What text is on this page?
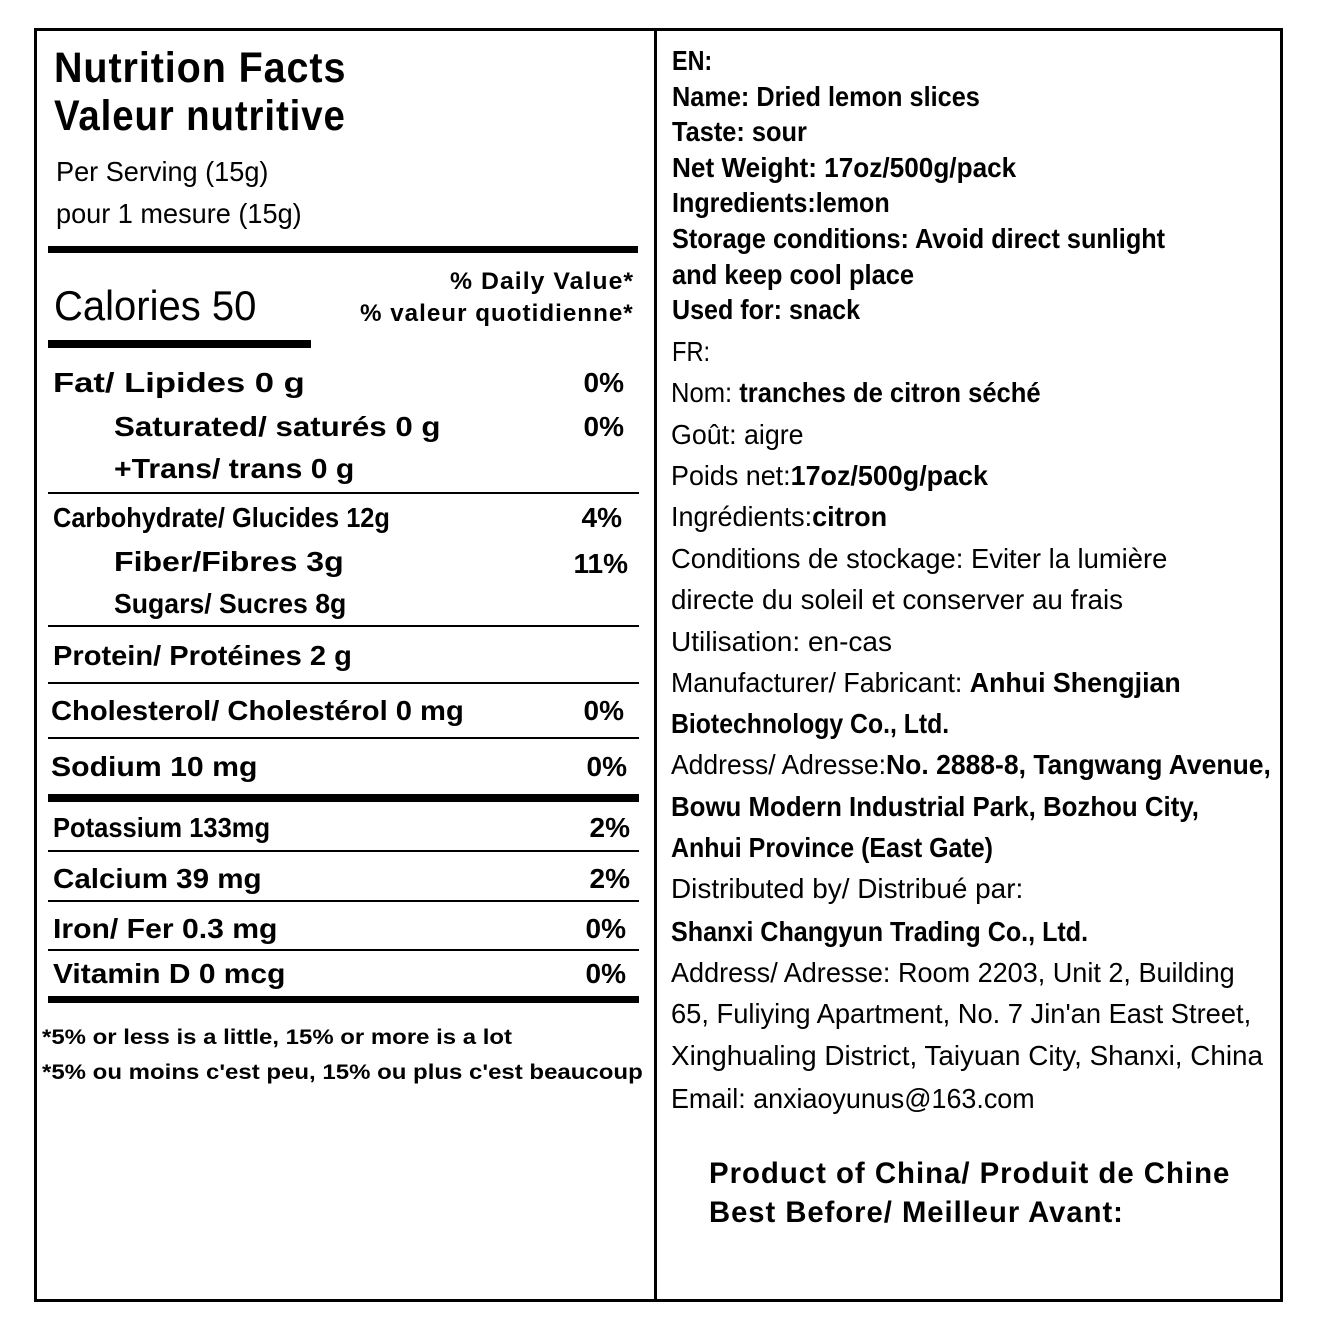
Nutrition Facts
Valeur nutritive
Per Serving (15g)
pour 1 mesure (15g)
% Daily Value*
% valeur quotidienne*
Calories 50
Fat/ Lipides 0 g	0%
Saturated/ saturés 0 g	0%
+Trans/ trans 0 g
Carbohydrate/ Glucides 12g	4%
Fiber/Fibres 3g	11%
Sugars/ Sucres 8g
Protein/ Protéines 2 g
Cholesterol/ Cholestérol 0 mg	0%
Sodium 10 mg	0%
Potassium 133mg	2%
Calcium 39 mg	2%
Iron/ Fer 0.3 mg	0%
Vitamin D 0 mcg	0%
*5% or less is a little, 15% or more is a lot
*5% ou moins c'est peu, 15% ou plus c'est beaucoup
EN:
Name: Dried lemon slices
Taste: sour
Net Weight: 17oz/500g/pack
Ingredients:lemon
Storage conditions: Avoid direct sunlight
and keep cool place
Used for: snack
FR:
Nom: tranches de citron séché
Goût: aigre
Poids net:17oz/500g/pack
Ingrédients:citron
Conditions de stockage: Eviter la lumière
directe du soleil et conserver au frais
Utilisation: en-cas
Manufacturer/ Fabricant: Anhui Shengjian
Biotechnology Co., Ltd.
Address/ Adresse:No. 2888-8, Tangwang Avenue,
Bowu Modern Industrial Park, Bozhou City,
Anhui Province (East Gate)
Distributed by/ Distribué par:
Shanxi Changyun Trading Co., Ltd.
Address/ Adresse: Room 2203, Unit 2, Building
65, Fuliying Apartment, No. 7 Jin'an East Street,
Xinghualing District, Taiyuan City, Shanxi, China
Email: anxiaoyunus@163.com
Product of China/ Produit de Chine
Best Before/ Meilleur Avant:
